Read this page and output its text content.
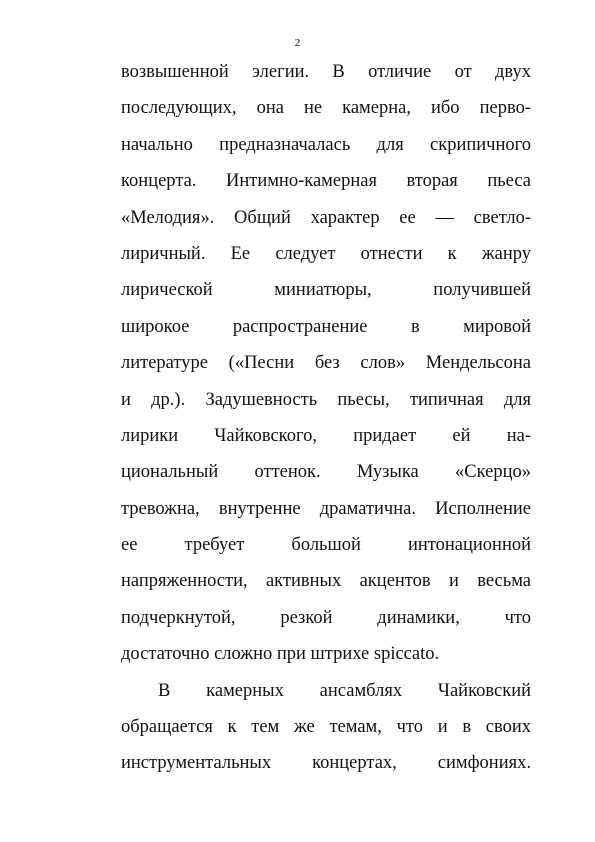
2
возвышенной элегии. В отличие от двух
последующих, она не камерна, ибо перво-
начально предназначалась для скрипичного
концерта. Интимно-камерная вторая пьеса
«Мелодия». Общий характер ее — светло-
лиричный. Ее следует отнести к жанру
лирической миниатюры, получившей
широкое распространение в мировой
литературе («Песни без слов» Мендельсона
и др.). Задушевность пьесы, типичная для
лирики Чайковского, придает ей на-
циональный оттенок. Музыка «Скерцо»
тревожна, внутренне драматична. Исполнение
ее требует большой интонационной
напряженности, активных акцентов и весьма
подчеркнутой, резкой динамики, что
достаточно сложно при штрихе spiccato.
В камерных ансамблях Чайковский
обращается к тем же темам, что и в своих
инструментальных концертах, симфониях.
